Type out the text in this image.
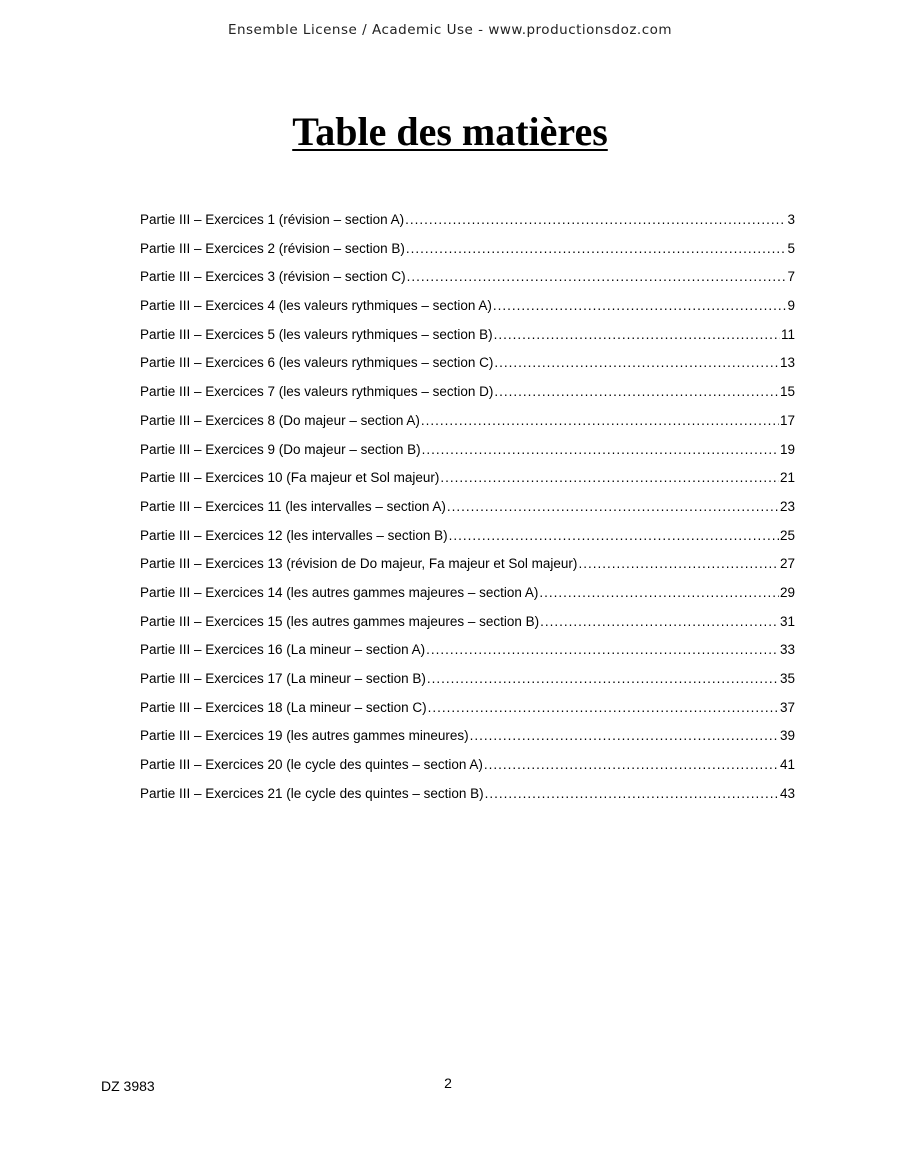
Ensemble License / Academic Use - www.productionsdoz.com
Table des matières
Partie III – Exercices 1 (révision – section A) .....	3
Partie III – Exercices 2 (révision – section B) .....	5
Partie III – Exercices 3 (révision – section C) .....	7
Partie III – Exercices 4 (les valeurs rythmiques – section A) .....	9
Partie III – Exercices 5 (les valeurs rythmiques – section B) .....	11
Partie III – Exercices 6 (les valeurs rythmiques – section C) .....	13
Partie III – Exercices 7 (les valeurs rythmiques – section D) .....	15
Partie III – Exercices 8 (Do majeur – section A) .....	17
Partie III – Exercices 9 (Do majeur – section B) .....	19
Partie III – Exercices 10 (Fa majeur et Sol majeur) .....	21
Partie III – Exercices 11 (les intervalles – section A) .....	23
Partie III – Exercices 12 (les intervalles – section B) .....	25
Partie III – Exercices 13 (révision de Do majeur, Fa majeur et Sol majeur) .....	27
Partie III – Exercices 14 (les autres gammes majeures – section A) .....	29
Partie III – Exercices 15 (les autres gammes majeures – section B) .....	31
Partie III – Exercices 16 (La mineur – section A) .....	33
Partie III – Exercices 17 (La mineur – section B) .....	35
Partie III – Exercices 18 (La mineur – section C) .....	37
Partie III – Exercices 19 (les autres gammes mineures) .....	39
Partie III – Exercices 20 (le cycle des quintes – section A) .....	41
Partie III – Exercices 21 (le cycle des quintes – section B) .....	43
DZ 3983	2
